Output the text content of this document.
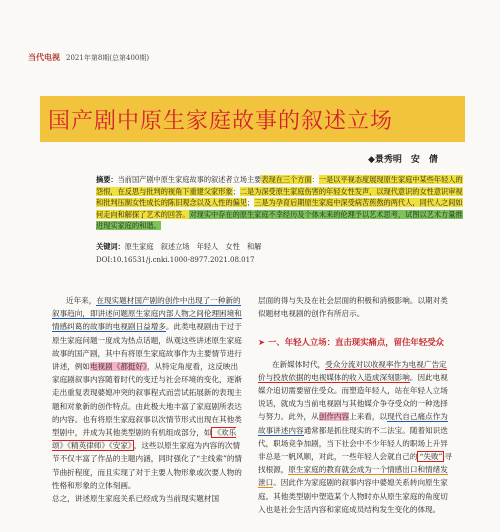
当代电视 2021年第8期(总第400期)
国产剧中原生家庭故事的叙述立场
◆景秀明　安　倩
摘要：当前国产剧中原生家庭故事的叙述者立场主要表现在三个方面：一是以平视态度展现原生家庭中某些年轻人的怨恨，在反思与批判的视角下重建父家形象；二是为深受原生家庭伤害的年轻女性发声，以现代意识的女性意识审视和批判压制女性成长的陈旧观念以及人性的偏见；三是为孕育后期原生家庭中深受病苦煎熬的两代人，同代人之间如何走向和解探了艺术的回答。对现实中存在的原生家庭不幸经历及个体未来的伦理予以艺术思考，试图以艺术方量推进现实家庭的和谐。
关键词：原生家庭　叙述立场　年轻人　女性　和解
DOI:10.16531/j.cnki.1000-8977.2021.08.017

近年来，在现实题材国产剧的创作中出现了一种新的叙事趋向，即讲述问题原生家庭内部人物之间伦理困境和情感纠葛的故事的电视剧日益增多。此类电视剧由于过于原生家庭问题一度成为热点话题，纵观这些讲述原生家庭故事的国产剧，其中有将原生家庭故事作为主要情节进行讲述，例如电视剧《都挺好》，从特定角度看，这反映出家庭剧叙事内容随着时代的变迁与社会环境的变化，逐渐走出重复表现婆媳冲突的叙事程式而尝试拓展新的表现主题和对象新的创作特点。由此极大地丰富了家庭剧所表达的内容。也有将原生家庭叙事以次情节形式出现在其他类型剧中，并成为其他类型剧的有机组成部分，如 《欢乐颂》《精英律师》《安家》 ，这些以原生家庭为内容的次情节不仅丰富了作品的主题内涵，同时强化了“主线索”的情节曲折程度，而且实现了对于主要人物形象或次要人物的性格和形象的立体刻画。
总之，讲述原生家庭关系已经成为当前现实题材国

层面的得与失及在社会层面的积极和消极影响。以期对类似题材电视剧的创作有所启示。

➤ 一、年轻人立场：直击现实痛点，留住年轻受众

在新媒体时代，受众分流对以收视率作为电视广告定价与投放依据的电视媒体的收入造成深刻影响。因此电视媒介追切需要留住受众。而塑造年轻人，站在年轻人立场说话，就成为当前电视剧与其他媒介争夺受众的一种选择与努力。此外，从创作内容上来看，以现代自己痛点作为故事讲述内容通常都是抓住现实的不二法宝。随着知识迭代，职场竞争加剧，当下社会中不少年轻人的职场上升异非总是一帆风顺，对此，一些年轻人会就自己的 “失败” 寻找根源，原生家庭的教育就会成为一个情感出口和情绪发泄口。因此作为家庭剧的叙事内容中婆媳关系转向原生家庭。其他类型剧中塑造某个人物时亦从原生家庭的角度切入也是社会生活内容和家庭成员结构发生变化的体现。
